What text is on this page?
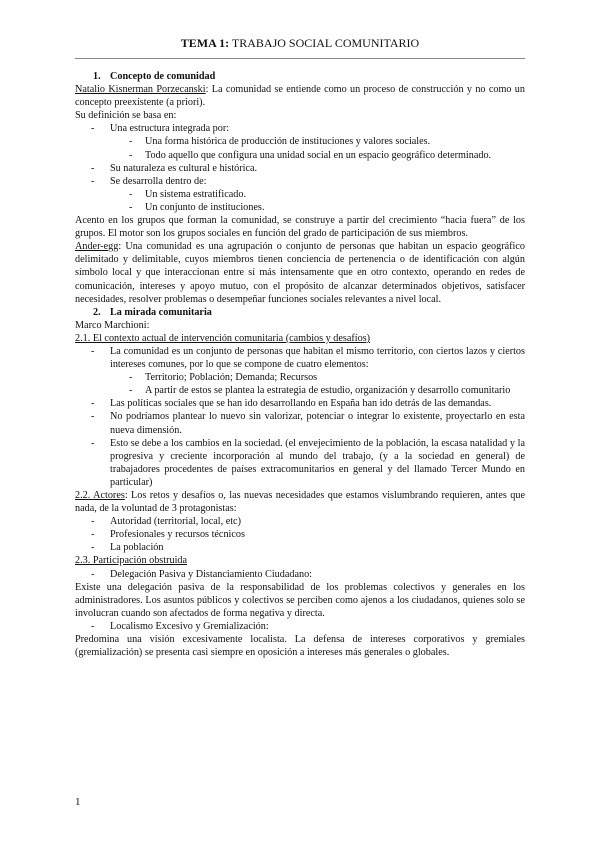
TEMA 1: TRABAJO SOCIAL COMUNITARIO

1. Concepto de comunidad

Natalio Kisnerman Porzecanski: La comunidad se entiende como un proceso de construcción y no como un concepto preexistente (a priori).

Su definición se basa en:

- Una estructura integrada por:

- Una forma histórica de producción de instituciones y valores sociales.

- Todo aquello que configura una unidad social en un espacio geográfico determinado.

- Su naturaleza es cultural e histórica.

- Se desarrolla dentro de:

- Un sistema estratificado.

- Un conjunto de instituciones.

Acento en los grupos que forman la comunidad, se construye a partir del crecimiento “hacia fuera” de los grupos. El motor son los grupos sociales en función del grado de participación de sus miembros.

Ander-egg: Una comunidad es una agrupación o conjunto de personas que habitan un espacio geográfico delimitado y delimitable, cuyos miembros tienen conciencia de pertenencia o de identificación con algún símbolo local y que interaccionan entre sí más intensamente que en otro contexto, operando en redes de comunicación, intereses y apoyo mutuo, con el propósito de alcanzar determinados objetivos, satisfacer necesidades, resolver problemas o desempeñar funciones sociales relevantes a nivel local.

2. La mirada comunitaria

Marco Marchioni:

2.1. El contexto actual de intervención comunitaria (cambios y desafíos)

- La comunidad es un conjunto de personas que habitan el mismo territorio, con ciertos lazos y ciertos intereses comunes, por lo que se compone de cuatro elementos:

- Territorio; Población; Demanda; Recursos

- A partir de estos se plantea la estrategia de estudio, organización y desarrollo comunitario

- Las políticas sociales que se han ido desarrollando en España han ido detrás de las demandas.

- No podríamos plantear lo nuevo sin valorizar, potenciar o integrar lo existente, proyectarlo en esta nueva dimensión.

- Esto se debe a los cambios en la sociedad. (el envejecimiento de la población, la escasa natalidad y la progresiva y creciente incorporación al mundo del trabajo, (y a la sociedad en general) de trabajadores procedentes de países extracomunitarios en general y del llamado Tercer Mundo en particular)

2.2. Actores: Los retos y desafíos o, las nuevas necesidades que estamos vislumbrando requieren, antes que nada, de la voluntad de 3 protagonistas:

- Autoridad (territorial, local, etc)

- Profesionales y recursos técnicos

- La población

2.3. Participación obstruida

- Delegación Pasiva y Distanciamiento Ciudadano:

Existe una delegación pasiva de la responsabilidad de los problemas colectivos y generales en los administradores. Los asuntos públicos y colectivos se perciben como ajenos a los ciudadanos, quienes solo se involucran cuando son afectados de forma negativa y directa.

- Localismo Excesivo y Gremialización:

Predomina una visión excesivamente localista. La defensa de intereses corporativos y gremiales (gremialización) se presenta casi siempre en oposición a intereses más generales o globales.

1
